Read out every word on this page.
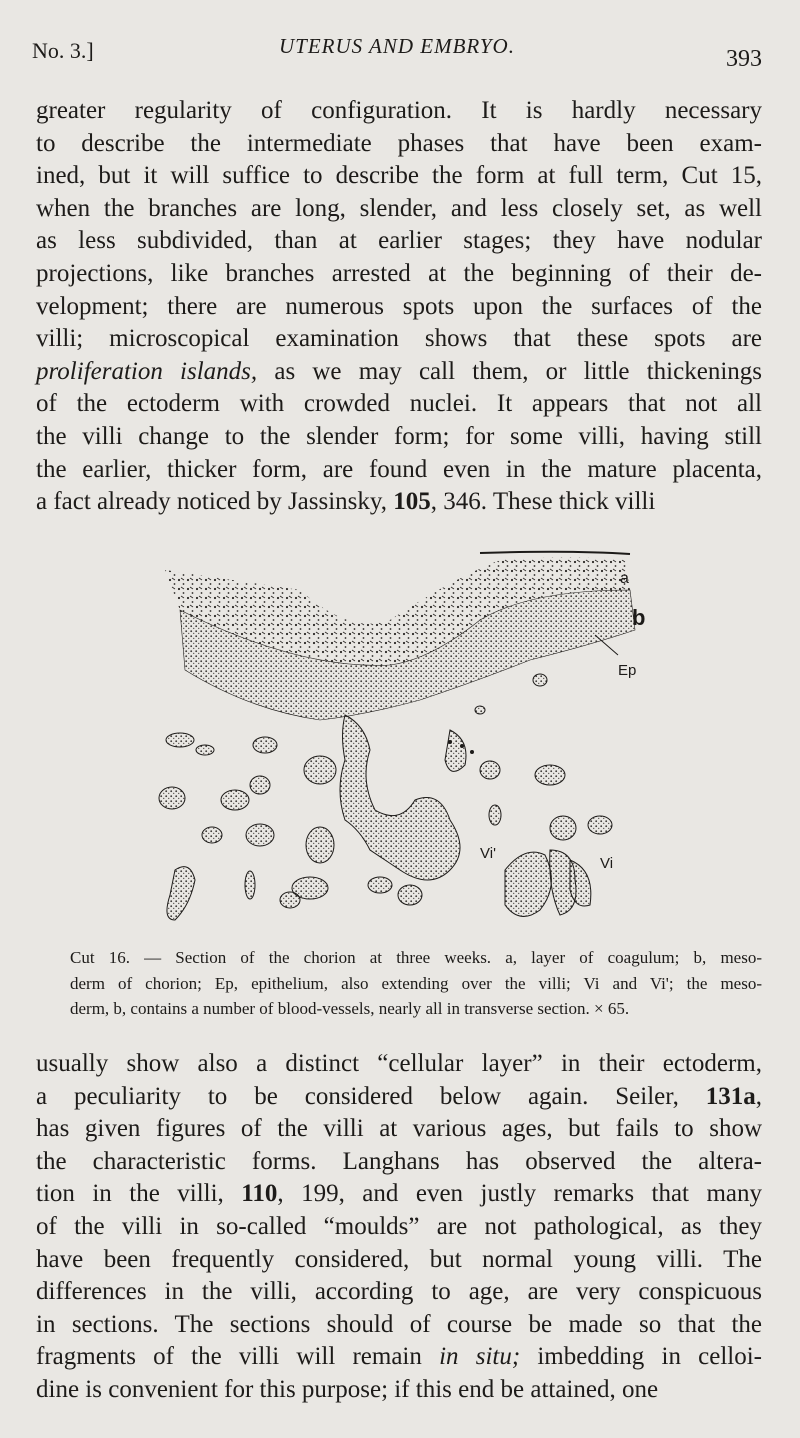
No. 3.]	UTERUS AND EMBRYO.	393
greater regularity of configuration. It is hardly necessary
to describe the intermediate phases that have been exam-
ined, but it will suffice to describe the form at full term, Cut 15,
when the branches are long, slender, and less closely set, as well
as less subdivided, than at earlier stages; they have nodular
projections, like branches arrested at the beginning of their de-
velopment; there are numerous spots upon the surfaces of the
villi; microscopical examination shows that these spots are
proliferation islands, as we may call them, or little thickenings
of the ectoderm with crowded nuclei. It appears that not all
the villi change to the slender form; for some villi, having still
the earlier, thicker form, are found even in the mature placenta,
a fact already noticed by Jassinsky, 105, 346. These thick villi
a
b
Ep
Vi'
Vi
Cut 16. — Section of the chorion at three weeks. a, layer of coagulum; b, meso-
derm of chorion; Ep, epithelium, also extending over the villi; Vi and Vi'; the meso-
derm, b, contains a number of blood-vessels, nearly all in transverse section. × 65.
usually show also a distinct “cellular layer” in their ectoderm,
a peculiarity to be considered below again. Seiler, 131a,
has given figures of the villi at various ages, but fails to show
the characteristic forms. Langhans has observed the altera-
tion in the villi, 110, 199, and even justly remarks that many
of the villi in so-called “moulds” are not pathological, as they
have been frequently considered, but normal young villi. The
differences in the villi, according to age, are very conspicuous
in sections. The sections should of course be made so that the
fragments of the villi will remain in situ; imbedding in celloi-
dine is convenient for this purpose; if this end be attained, one
